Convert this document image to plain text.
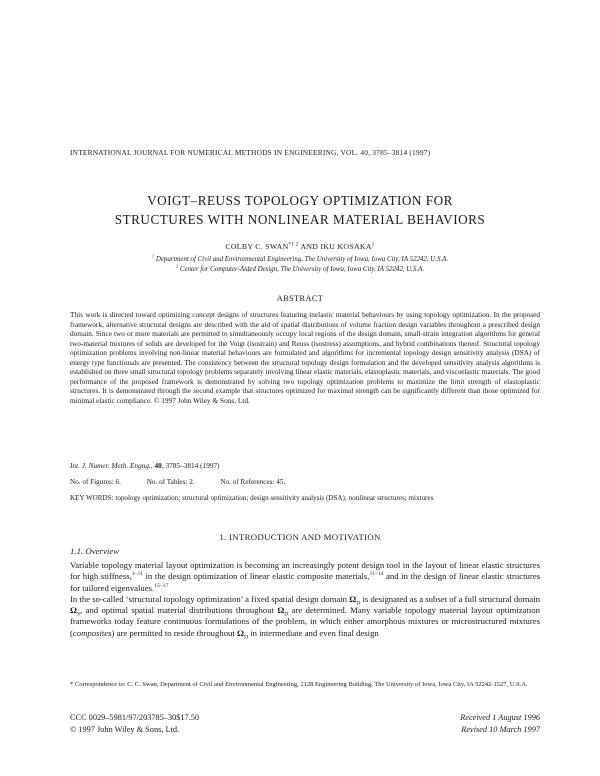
INTERNATIONAL JOURNAL FOR NUMERICAL METHODS IN ENGINEERING, VOL. 40, 3785–3814 (1997)
VOIGT–REUSS TOPOLOGY OPTIMIZATION FOR
STRUCTURES WITH NONLINEAR MATERIAL BEHAVIORS
COLBY C. $SWAN^{*1 2}$ AND IKU KOSAKA$^1$
$^1$ Department of Civil and Environmental Engineering, The University of Iowa, Iowa City, IA 52242, U.S.A.
$^2$ Center for Computer-Aided Design, The University of Iowa, Iowa City, IA 52242, U.S.A.
ABSTRACT
This work is directed toward optimizing concept designs of structures featuring inelastic material behaviours by using topology optimization. In the proposed framework, alternative structural designs are described with the aid of spatial distributions of volume fraction design variables throughout a prescribed design domain. Since two or more materials are permitted to simultaneously occupy local regions of the design domain, small-strain integration algorithms for general two-material mixtures of solids are developed for the Voigt (isostrain) and Reuss (isostress) assumptions, and hybrid combinations thereof. Structural topology optimization problems involving non-linear material behaviours are formulated and algorithms for incremental topology design sensitivity analysis (DSA) of energy type functionals are presented. The consistency between the structural topology design formulation and the developed sensitivity analysis algorithms is established on three small structural topology problems separately involving linear elastic materials, elastoplastic materials, and viscoelastic materials. The good performance of the proposed framework is demonstrated by solving two topology optimization problems to maximize the limit strength of elastoplastic structures. It is demonstrated through the second example that structures optimized for maximal strength can be significantly different than those optimized for minimal elastic compliance. © 1997 John Wiley & Sons, Ltd.
Int. J. Numer. Meth. Engng., 40, 3785–3814 (1997)
No. of Figures: 6.	No. of Tables: 2.	No. of References: 45.
KEY WORDS: topology optimization; structural optimization; design sensitivity analysis (DSA); nonlinear structures; mixtures
1. INTRODUCTION AND MOTIVATION
1.1. Overview
Variable topology material layout optimization is becoming an increasingly potent design tool in the layout of linear elastic structures for high stiffness,$^{1-11}$ in the design optimization of linear elastic composite materials,$^{11-14}$ and in the design of linear elastic structures for tailored eigenvalues.$^{15-17}$
In the so-called ‘structural topology optimization’ a fixed spatial design domain $\Omega_D$ is designated as a subset of a full structural domain $\Omega_S$, and optimal spatial material distributions throughout $\Omega_D$ are determined. Many variable topology material layout optimization frameworks today feature continuous formulations of the problem, in which either amorphous mixtures or microstructured mixtures (composites) are permitted to reside throughout $\Omega_D$ in intermediate and even final design
* Correspondence to: C. C. Swan, Department of Civil and Environmental Engineering, 2128 Engineering Building, The University of Iowa, Iowa City, IA 52242-1527, U.S.A.
CCC 0029–5981/97/203785–30$17.50
© 1997 John Wiley & Sons, Ltd.
Received 1 August 1996
Revised 10 March 1997
